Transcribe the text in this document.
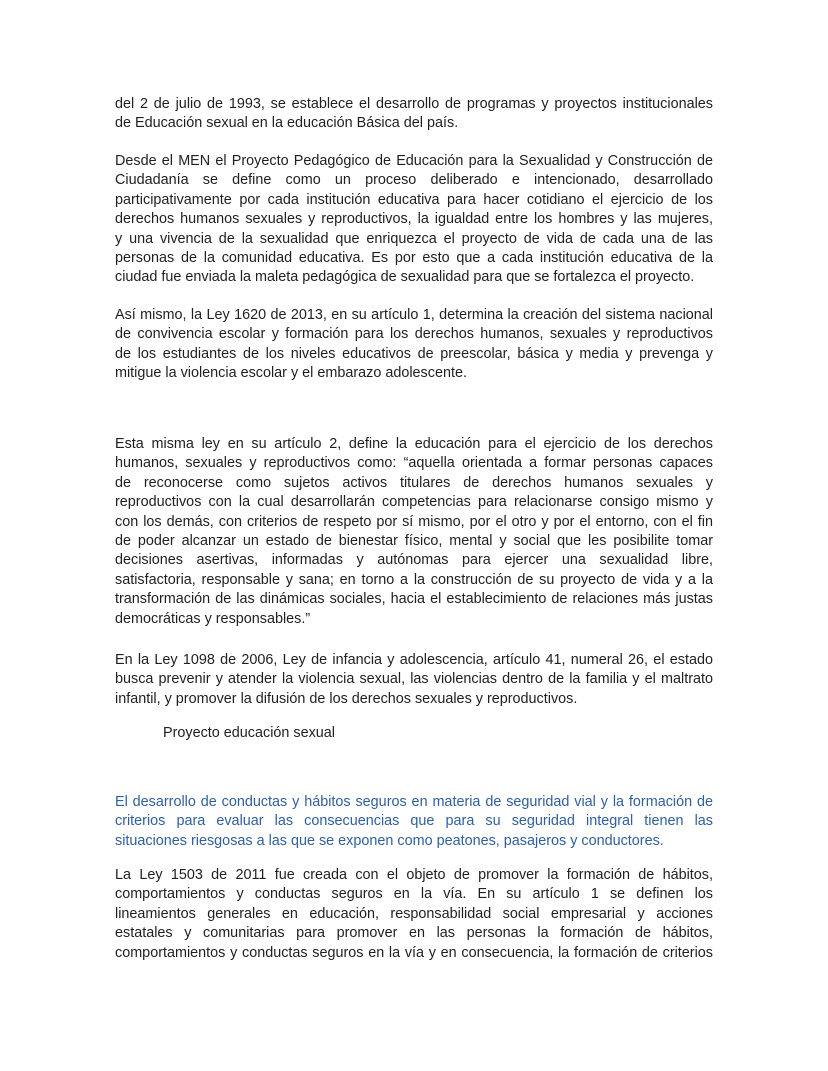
del 2 de julio de 1993, se establece el desarrollo de programas y proyectos institucionales
de Educación sexual en la educación Básica del país.

Desde el MEN el Proyecto Pedagógico de Educación para la Sexualidad y Construcción de
Ciudadanía se define como un proceso deliberado e intencionado, desarrollado
participativamente por cada institución educativa para hacer cotidiano el ejercicio de los
derechos humanos sexuales y reproductivos, la igualdad entre los hombres y las mujeres,
y una vivencia de la sexualidad que enriquezca el proyecto de vida de cada una de las
personas de la comunidad educativa. Es por esto que a cada institución educativa de la
ciudad fue enviada la maleta pedagógica de sexualidad para que se fortalezca el proyecto.

Así mismo, la Ley 1620 de 2013, en su artículo 1, determina la creación del sistema nacional
de convivencia escolar y formación para los derechos humanos, sexuales y reproductivos
de los estudiantes de los niveles educativos de preescolar, básica y media y prevenga y
mitigue la violencia escolar y el embarazo adolescente.

Esta misma ley en su artículo 2, define la educación para el ejercicio de los derechos
humanos, sexuales y reproductivos como: “aquella orientada a formar personas capaces
de reconocerse como sujetos activos titulares de derechos humanos sexuales y
reproductivos con la cual desarrollarán competencias para relacionarse consigo mismo y
con los demás, con criterios de respeto por sí mismo, por el otro y por el entorno, con el fin
de poder alcanzar un estado de bienestar físico, mental y social que les posibilite tomar
decisiones asertivas, informadas y autónomas para ejercer una sexualidad libre,
satisfactoria, responsable y sana; en torno a la construcción de su proyecto de vida y a la
transformación de las dinámicas sociales, hacia el establecimiento de relaciones más justas
democráticas y responsables.”

En la Ley 1098 de 2006, Ley de infancia y adolescencia, artículo 41, numeral 26, el estado
busca prevenir y atender la violencia sexual, las violencias dentro de la familia y el maltrato
infantil, y promover la difusión de los derechos sexuales y reproductivos.

Proyecto educación sexual

El desarrollo de conductas y hábitos seguros en materia de seguridad vial y la formación de
criterios para evaluar las consecuencias que para su seguridad integral tienen las
situaciones riesgosas a las que se exponen como peatones, pasajeros y conductores.

La Ley 1503 de 2011 fue creada con el objeto de promover la formación de hábitos,
comportamientos y conductas seguros en la vía. En su artículo 1 se definen los
lineamientos generales en educación, responsabilidad social empresarial y acciones
estatales y comunitarias para promover en las personas la formación de hábitos,
comportamientos y conductas seguros en la vía y en consecuencia, la formación de criterios
